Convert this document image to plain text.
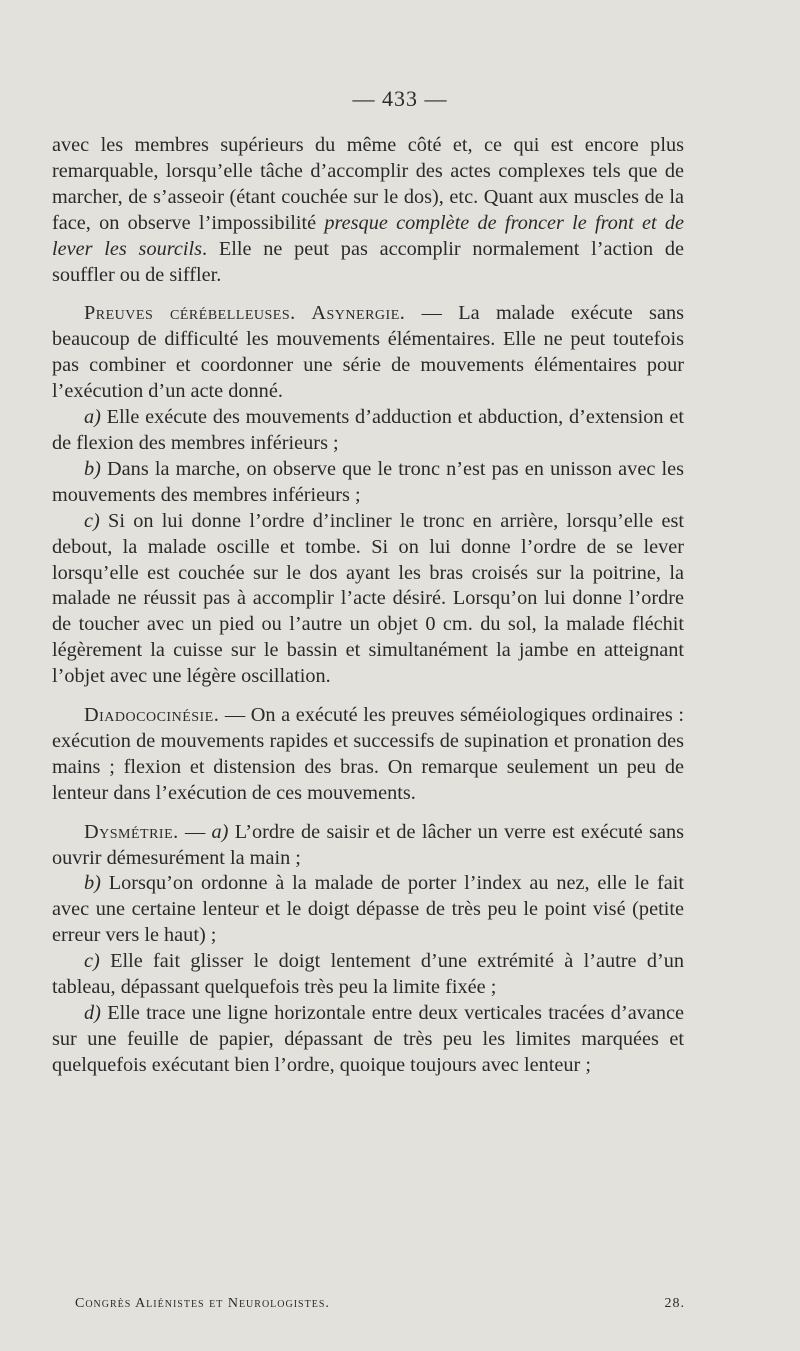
— 433 —

avec les membres supérieurs du même côté et, ce qui est encore plus remarquable, lorsqu’elle tâche d’accomplir des actes complexes tels que de marcher, de s’asseoir (étant couchée sur le dos), etc. Quant aux muscles de la face, on observe l’impossibilité presque complète de froncer le front et de lever les sourcils. Elle ne peut pas accomplir normalement l’action de souffler ou de siffler.

Preuves cérébelleuses. Asynergie. — La malade exécute sans beaucoup de difficulté les mouvements élémentaires. Elle ne peut toutefois pas combiner et coordonner une série de mouvements élémentaires pour l’exécution d’un acte donné.

a) Elle exécute des mouvements d’adduction et abduction, d’extension et de flexion des membres inférieurs ;

b) Dans la marche, on observe que le tronc n’est pas en unisson avec les mouvements des membres inférieurs ;

c) Si on lui donne l’ordre d’incliner le tronc en arrière, lorsqu’elle est debout, la malade oscille et tombe. Si on lui donne l’ordre de se lever lorsqu’elle est couchée sur le dos ayant les bras croisés sur la poitrine, la malade ne réussit pas à accomplir l’acte désiré. Lorsqu’on lui donne l’ordre de toucher avec un pied ou l’autre un objet 0 cm. du sol, la malade fléchit légèrement la cuisse sur le bassin et simultanément la jambe en atteignant l’objet avec une légère oscillation.

Diadococinésie. — On a exécuté les preuves séméiologiques ordinaires : exécution de mouvements rapides et successifs de supination et pronation des mains ; flexion et distension des bras. On remarque seulement un peu de lenteur dans l’exécution de ces mouvements.

Dysmétrie. — a) L’ordre de saisir et de lâcher un verre est exécuté sans ouvrir démesurément la main ;

b) Lorsqu’on ordonne à la malade de porter l’index au nez, elle le fait avec une certaine lenteur et le doigt dépasse de très peu le point visé (petite erreur vers le haut) ;

c) Elle fait glisser le doigt lentement d’une extrémité à l’autre d’un tableau, dépassant quelquefois très peu la limite fixée ;

d) Elle trace une ligne horizontale entre deux verticales tracées d’avance sur une feuille de papier, dépassant de très peu les limites marquées et quelquefois exécutant bien l’ordre, quoique toujours avec lenteur ;

Congrès Aliénistes et Neurologistes.	28.
